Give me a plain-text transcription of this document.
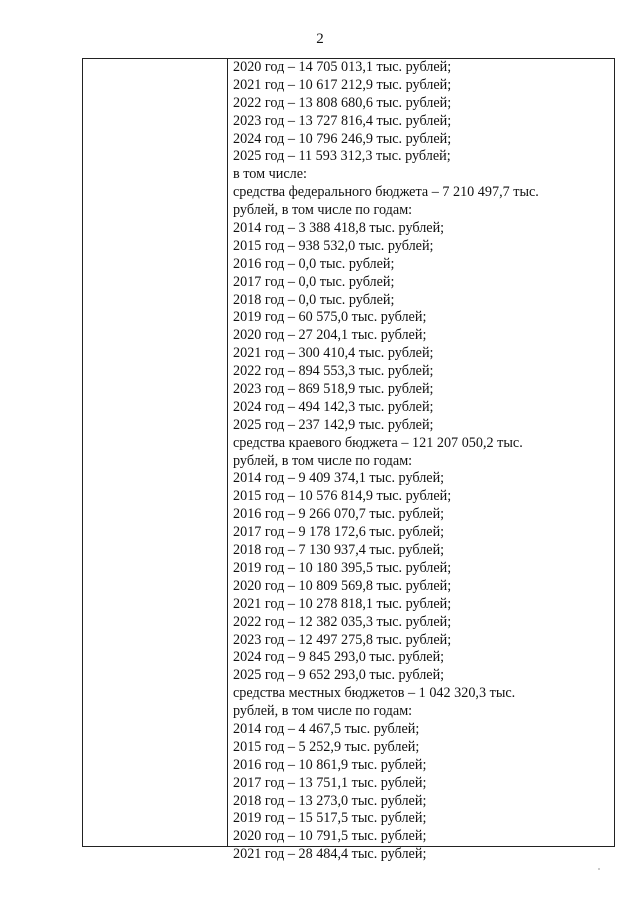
2
2020 год – 14 705 013,1 тыс. рублей;
2021 год – 10 617 212,9 тыс. рублей;
2022 год – 13 808 680,6 тыс. рублей;
2023 год – 13 727 816,4 тыс. рублей;
2024 год – 10 796 246,9 тыс. рублей;
2025 год – 11 593 312,3 тыс. рублей;
в том числе:
средства федерального бюджета – 7 210 497,7 тыс.
рублей, в том числе по годам:
2014 год – 3 388 418,8 тыс. рублей;
2015 год – 938 532,0 тыс. рублей;
2016 год – 0,0 тыс. рублей;
2017 год – 0,0 тыс. рублей;
2018 год – 0,0 тыс. рублей;
2019 год – 60 575,0 тыс. рублей;
2020 год – 27 204,1 тыс. рублей;
2021 год – 300 410,4 тыс. рублей;
2022 год – 894 553,3 тыс. рублей;
2023 год – 869 518,9 тыс. рублей;
2024 год – 494 142,3 тыс. рублей;
2025 год – 237 142,9 тыс. рублей;
средства краевого бюджета – 121 207 050,2 тыс.
рублей, в том числе по годам:
2014 год – 9 409 374,1 тыс. рублей;
2015 год – 10 576 814,9 тыс. рублей;
2016 год – 9 266 070,7 тыс. рублей;
2017 год – 9 178 172,6 тыс. рублей;
2018 год – 7 130 937,4 тыс. рублей;
2019 год – 10 180 395,5 тыс. рублей;
2020 год – 10 809 569,8 тыс. рублей;
2021 год – 10 278 818,1 тыс. рублей;
2022 год – 12 382 035,3 тыс. рублей;
2023 год – 12 497 275,8 тыс. рублей;
2024 год – 9 845 293,0 тыс. рублей;
2025 год – 9 652 293,0 тыс. рублей;
средства местных бюджетов – 1 042 320,3 тыс.
рублей, в том числе по годам:
2014 год – 4 467,5 тыс. рублей;
2015 год – 5 252,9 тыс. рублей;
2016 год – 10 861,9 тыс. рублей;
2017 год – 13 751,1 тыс. рублей;
2018 год – 13 273,0 тыс. рублей;
2019 год – 15 517,5 тыс. рублей;
2020 год – 10 791,5 тыс. рублей;
2021 год – 28 484,4 тыс. рублей;
